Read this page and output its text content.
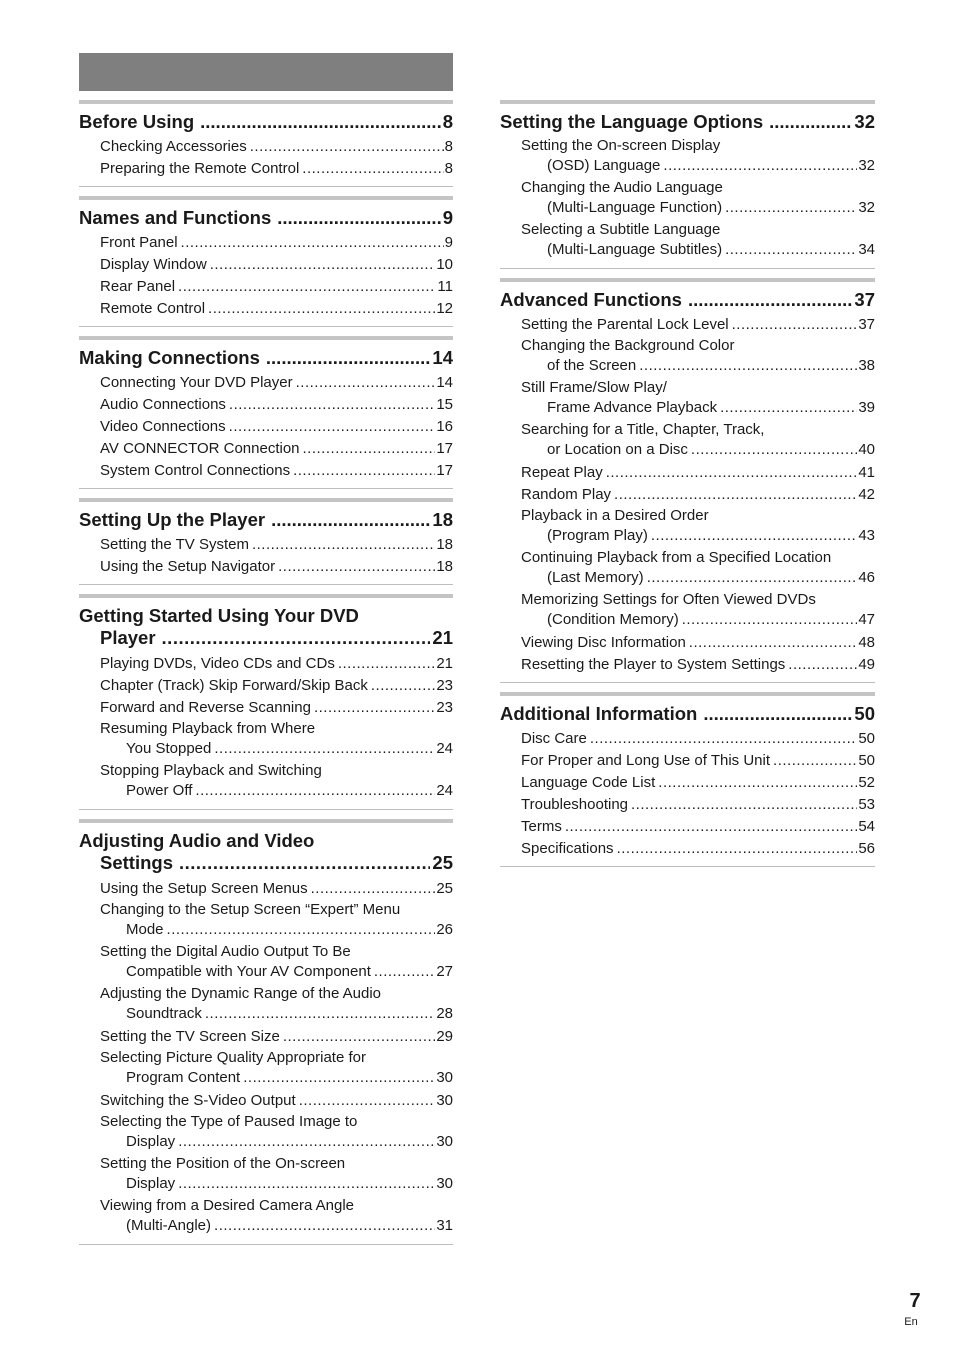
Before Using .....	8
Checking Accessories .....	8
Preparing the Remote Control .....	8
Names and Functions .....	9
Front Panel .....	9
Display Window .....	10
Rear Panel .....	11
Remote Control .....	12
Making Connections .....	14
Connecting Your DVD Player .....	14
Audio Connections .....	15
Video Connections .....	16
AV CONNECTOR Connection .....	17
System Control Connections .....	17
Setting Up the Player .....	18
Setting the TV System .....	18
Using the Setup Navigator .....	18
Getting Started Using Your DVD
Player .....	21
Playing DVDs, Video CDs and CDs .....	21
Chapter (Track) Skip Forward/Skip Back .....	23
Forward and Reverse Scanning .....	23
Resuming Playback from Where
You Stopped .....	24
Stopping Playback and Switching
Power Off .....	24
Adjusting Audio and Video
Settings .....	25
Using the Setup Screen Menus .....	25
Changing to the Setup Screen “Expert” Menu
Mode .....	26
Setting the Digital Audio Output To Be
Compatible with Your AV Component .....	27
Adjusting the Dynamic Range of the Audio
Soundtrack .....	28
Setting the TV Screen Size .....	29
Selecting Picture Quality Appropriate for
Program Content .....	30
Switching the S-Video Output .....	30
Selecting the Type of Paused Image to
Display .....	30
Setting the Position of the On-screen
Display .....	30
Viewing from a Desired Camera Angle
(Multi-Angle) .....	31
Setting the Language Options .....	32
Setting the On-screen Display
(OSD) Language .....	32
Changing the Audio Language
(Multi-Language Function) .....	32
Selecting a Subtitle Language
(Multi-Language Subtitles) .....	34
Advanced Functions .....	37
Setting the Parental Lock Level .....	37
Changing the Background Color
of the Screen .....	38
Still Frame/Slow Play/
Frame Advance Playback .....	39
Searching for a Title, Chapter, Track,
or Location on a Disc .....	40
Repeat Play .....	41
Random Play .....	42
Playback in a Desired Order
(Program Play) .....	43
Continuing Playback from a Specified Location
(Last Memory) .....	46
Memorizing Settings for Often Viewed DVDs
(Condition Memory) .....	47
Viewing Disc Information .....	48
Resetting the Player to System Settings .....	49
Additional Information .....	50
Disc Care .....	50
For Proper and Long Use of This Unit .....	50
Language Code List .....	52
Troubleshooting .....	53
Terms .....	54
Specifications .....	56
7
En
